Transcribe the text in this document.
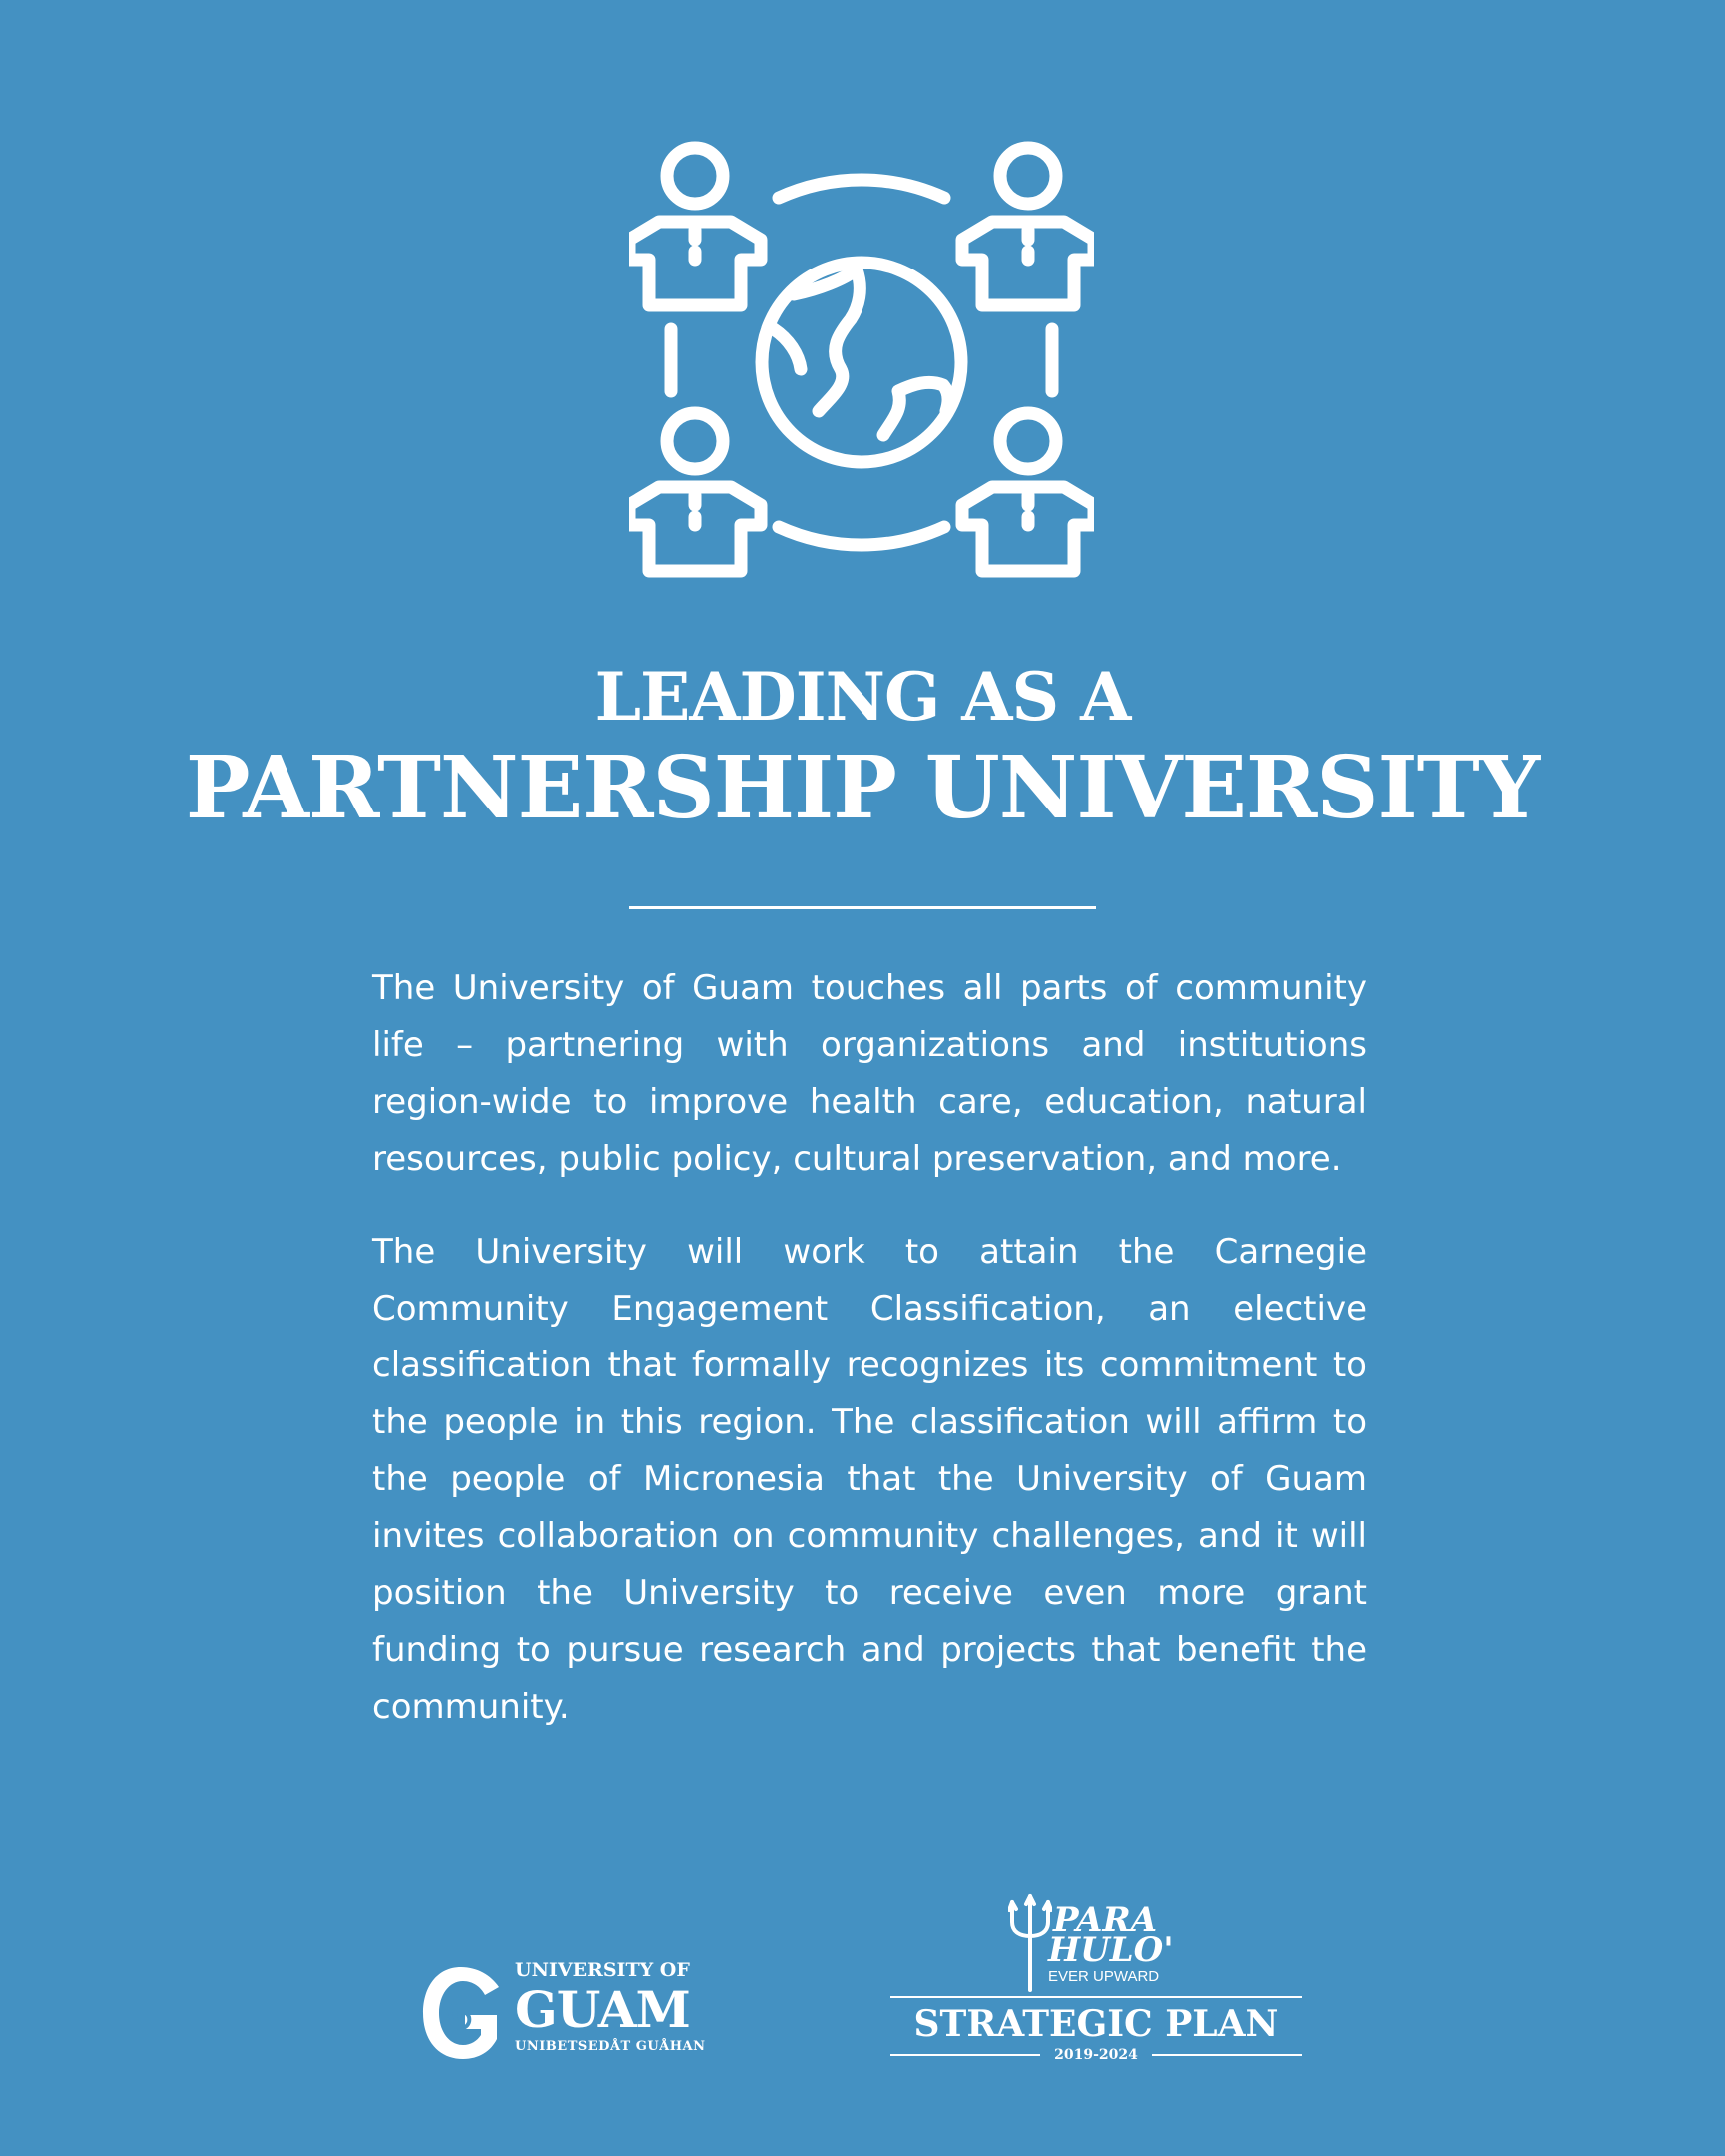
LEADING AS A
PARTNERSHIP UNIVERSITY

The University of Guam touches all parts of community life – partnering with organizations and institutions region-wide to improve health care, education, natural resources, public policy, cultural preservation, and more.

The University will work to attain the Carnegie Community Engagement Classification, an elective classification that formally recognizes its commitment to the people in this region. The classification will affirm to the people of Micronesia that the University of Guam invites collaboration on community challenges, and it will position the University to receive even more grant funding to pursue research and projects that benefit the community.

UNIVERSITY OF
GUAM
UNIBETSEDÅT GUÅHAN
PARA
HULO'
EVER UPWARD
STRATEGIC PLAN
2019-2024
